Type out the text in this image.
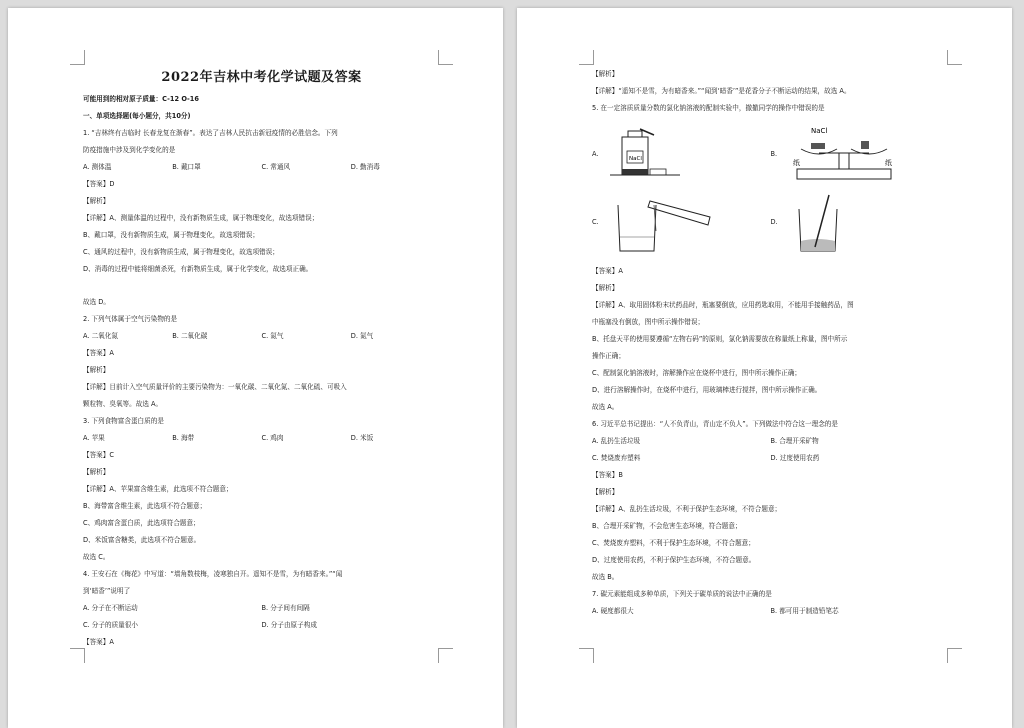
2022年吉林中考化学试题及答案
可能用到的相对原子质量：C-12 O-16
一、单项选择题(每小题分，共10分)
1. “吉林终有吉临时 长春龙复在渐春”。表达了吉林人民抗击新冠疫情的必胜信念。下列
防疫措施中涉及到化学变化的是
A. 测体温	B. 戴口罩	C. 常通风	D. 勤消毒
【答案】D
【解析】
【详解】A、测量体温的过程中，没有新物质生成，属于物理变化，故选项错误；
B、戴口罩，没有新物质生成，属于物理变化，故选项错误；
C、通风的过程中，没有新物质生成，属于物理变化，故选项错误；
D、消毒的过程中能将细菌杀死，有新物质生成，属于化学变化，故选项正确。
故选 D。
2. 下列气体属于空气污染物的是
A. 二氧化氮	B. 二氧化碳	C. 氮气	D. 氮气
【答案】A
【解析】
【详解】目前计入空气质量评价的主要污染物为：一氧化碳、二氧化氮、二氧化硫、可吸入
颗粒物、臭氧等。故选 A。
3. 下列食物富含蛋白质的是
A. 苹果	B. 海带	C. 鸡肉	D. 米饭
【答案】C
【解析】
【详解】A、苹果富含维生素，此选项不符合题意；
B、海带富含维生素，此选项不符合题意；
C、鸡肉富含蛋白质，此选项符合题意；
D、米饭富含糖类，此选项不符合题意。
故选 C。
4. 王安石在《梅花》中写道：“墙角数枝梅，凌寒独自开。遥知不是雪，为有暗香来。”“闻
到‘暗香’”说明了
A. 分子在不断运动	B. 分子间有间隔
C. 分子的质量很小	D. 分子由原子构成
【答案】A
【解析】
【详解】“遥知不是雪，为有暗香来。”“闻到‘暗香’”是花香分子不断运动的结果，故选 A。
5. 在一定溶质质量分数的氯化钠溶液的配制实验中，撤撤同学的操作中错误的是
A.
NaCl
B.
NaCl
纸	纸
C.	D.
【答案】A
【解析】
【详解】A、取用固体粉末状药品时，瓶塞要倒放，应用药匙取用，不能用手接触药品，图
中瓶塞没有倒放，图中所示操作错误；
B、托盘天平的使用要遵循“左物右码”的原则，氯化钠需要放在称量纸上称量，图中所示
操作正确；
C、配制氯化钠溶液时，溶解操作应在烧杯中进行，图中所示操作正确；
D、进行溶解操作时，在烧杯中进行，用玻璃棒进行搅拌，图中所示操作正确。
故选 A。
6. 习近平总书记提出：“人不负青山，青山定不负人”。下列做法中符合这一理念的是
A. 乱扔生活垃圾	B. 合理开采矿物
C. 焚烧废弃塑料	D. 过度使用农药
【答案】B
【解析】
【详解】A、乱扔生活垃圾，不利于保护生态环境，不符合题意；
B、合理开采矿物，不会危害生态环境，符合题意；
C、焚烧废弃塑料，不利于保护生态环境，不符合题意；
D、过度使用农药，不利于保护生态环境，不符合题意。
故选 B。
7. 碳元素能组成多种单质，下列关于碳单质的说法中正确的是
A. 硬度都很大	B. 都可用于制造铅笔芯
